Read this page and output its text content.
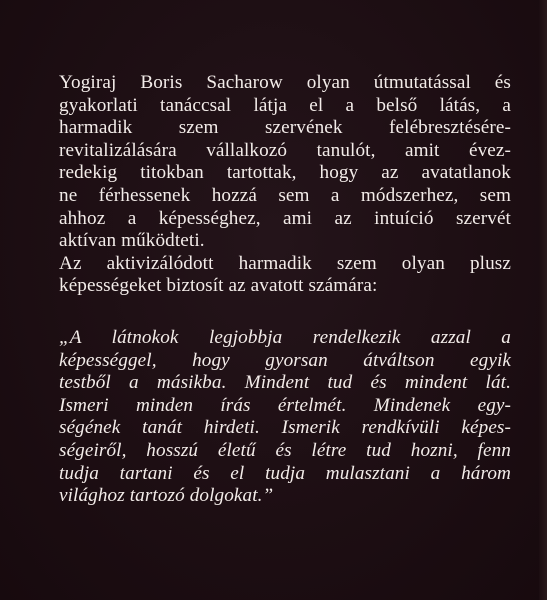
Yogiraj Boris Sacharow olyan útmutatással és
gyakorlati tanáccsal látja el a belső látás, a
harmadik szem szervének felébresztésére-
revitalizálására vállalkozó tanulót, amit évez-
redekig titokban tartottak, hogy az avatatlanok
ne férhessenek hozzá sem a módszerhez, sem
ahhoz a képességhez, ami az intuíció szervét
aktívan működteti.
Az aktivizálódott harmadik szem olyan plusz
képességeket biztosít az avatott számára:
„A látnokok legjobbja rendelkezik azzal a
képességgel, hogy gyorsan átváltson egyik
testből a másikba. Mindent tud és mindent lát.
Ismeri minden írás értelmét. Mindenek egy-
ségének tanát hirdeti. Ismerik rendkívüli képes-
ségeiről, hosszú életű és létre tud hozni, fenn
tudja tartani és el tudja mulasztani a három
világhoz tartozó dolgokat.”
